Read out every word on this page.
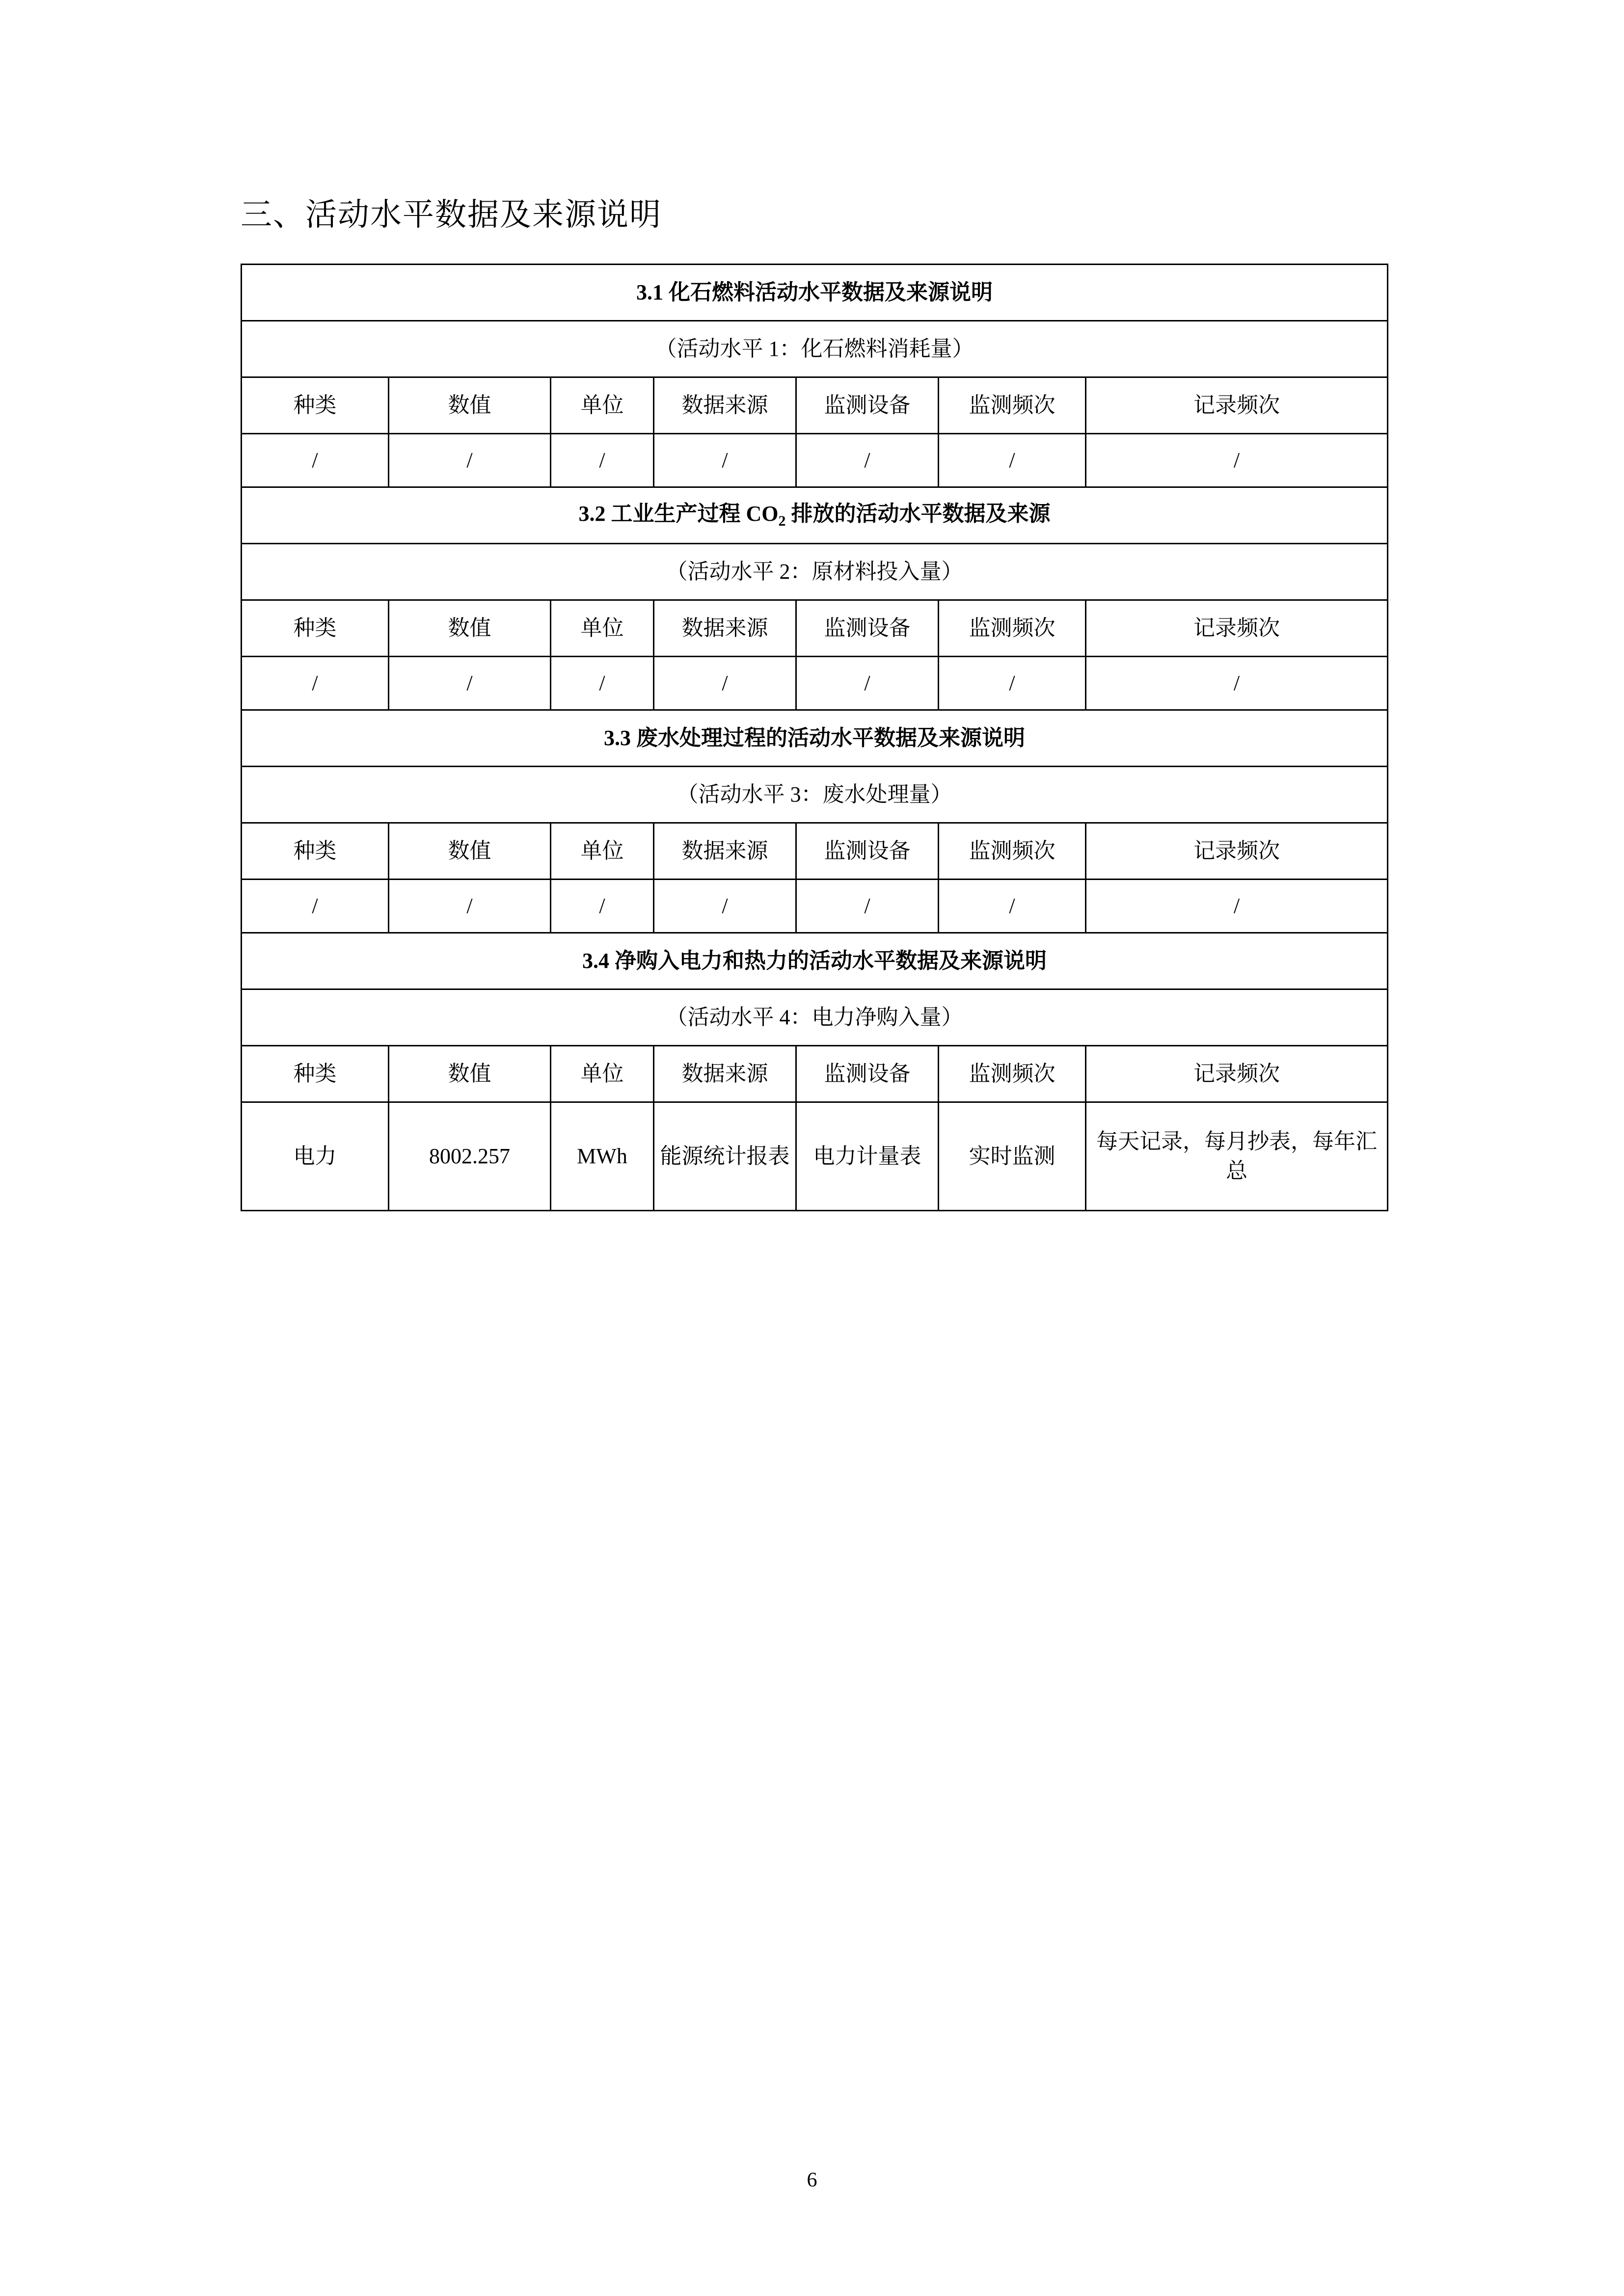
三、活动水平数据及来源说明
3.1 化石燃料活动水平数据及来源说明						
（活动水平 1：化石燃料消耗量）						
种类	数值	单位	数据来源	监测设备	监测频次	记录频次
/	/	/	/	/	/	/
3.2 工业生产过程 $CO_2$ 排放的活动水平数据及来源						
（活动水平 2：原材料投入量）						
种类	数值	单位	数据来源	监测设备	监测频次	记录频次
/	/	/	/	/	/	/
3.3 废水处理过程的活动水平数据及来源说明						
（活动水平 3：废水处理量）						
种类	数值	单位	数据来源	监测设备	监测频次	记录频次
/	/	/	/	/	/	/
3.4 净购入电力和热力的活动水平数据及来源说明						
（活动水平 4：电力净购入量）						
种类	数值	单位	数据来源	监测设备	监测频次	记录频次
电力	8002.257	MWh	能源统计报表	电力计量表	实时监测	每天记录，每月抄表，每年汇总
6
